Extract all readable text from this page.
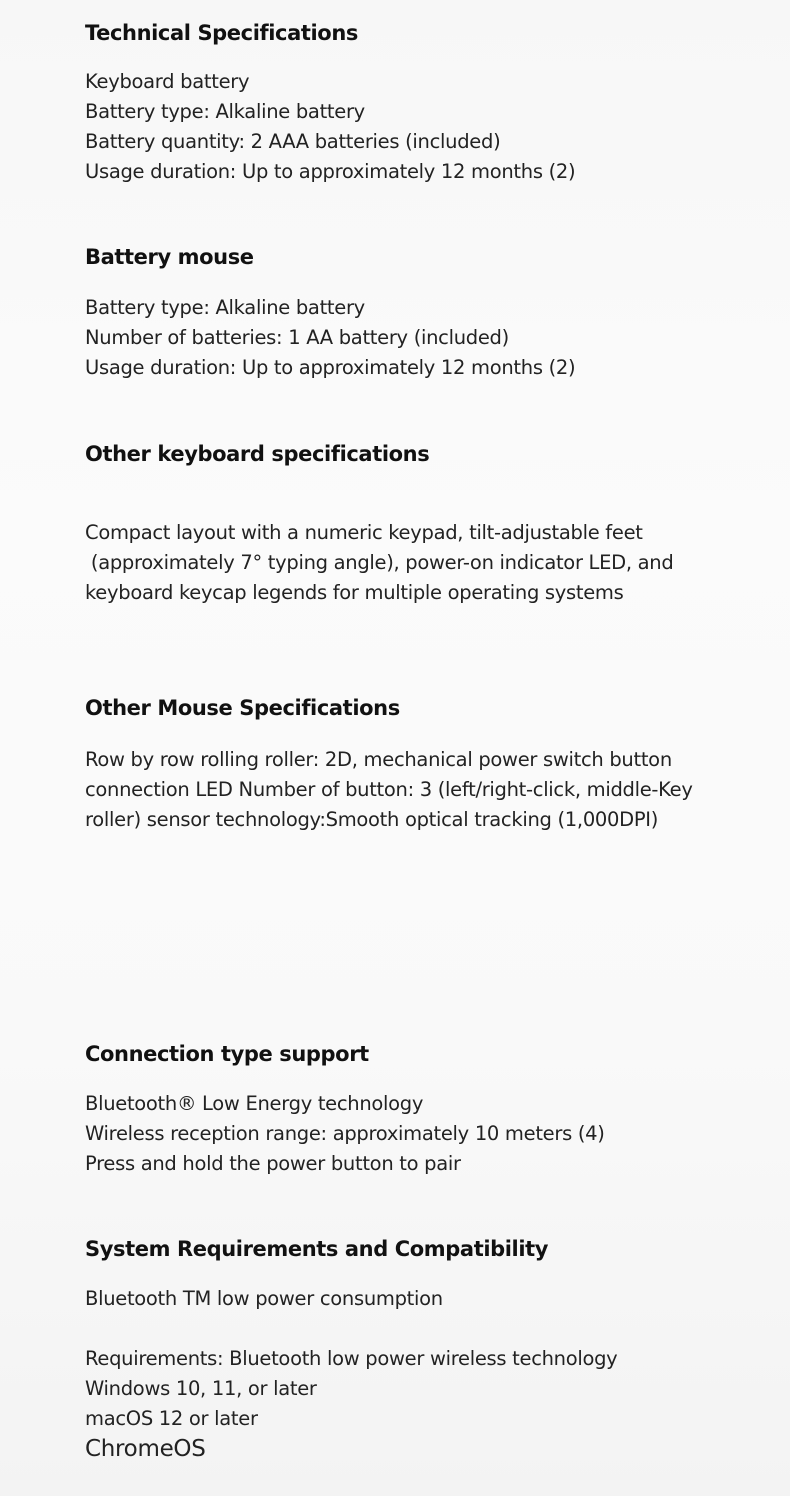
Technical Specifications
Keyboard battery
Battery type: Alkaline battery
Battery quantity: 2 AAA batteries (included)
Usage duration: Up to approximately 12 months (2)
Battery mouse
Battery type: Alkaline battery
Number of batteries: 1 AA battery (included)
Usage duration: Up to approximately 12 months (2)
Other keyboard specifications
Compact layout with a numeric keypad, tilt-adjustable feet
(approximately 7° typing angle), power-on indicator LED, and
keyboard keycap legends for multiple operating systems
Other Mouse Specifications
Row by row rolling roller: 2D, mechanical power switch button
connection LED Number of button: 3 (left/right-click, middle-Key
roller) sensor technology:Smooth optical tracking (1,000DPI)
Connection type support
Bluetooth® Low Energy technology
Wireless reception range: approximately 10 meters (4)
Press and hold the power button to pair
System Requirements and Compatibility
Bluetooth TM low power consumption
Requirements: Bluetooth low power wireless technology
Windows 10, 11, or later
macOS 12 or later
ChromeOS
